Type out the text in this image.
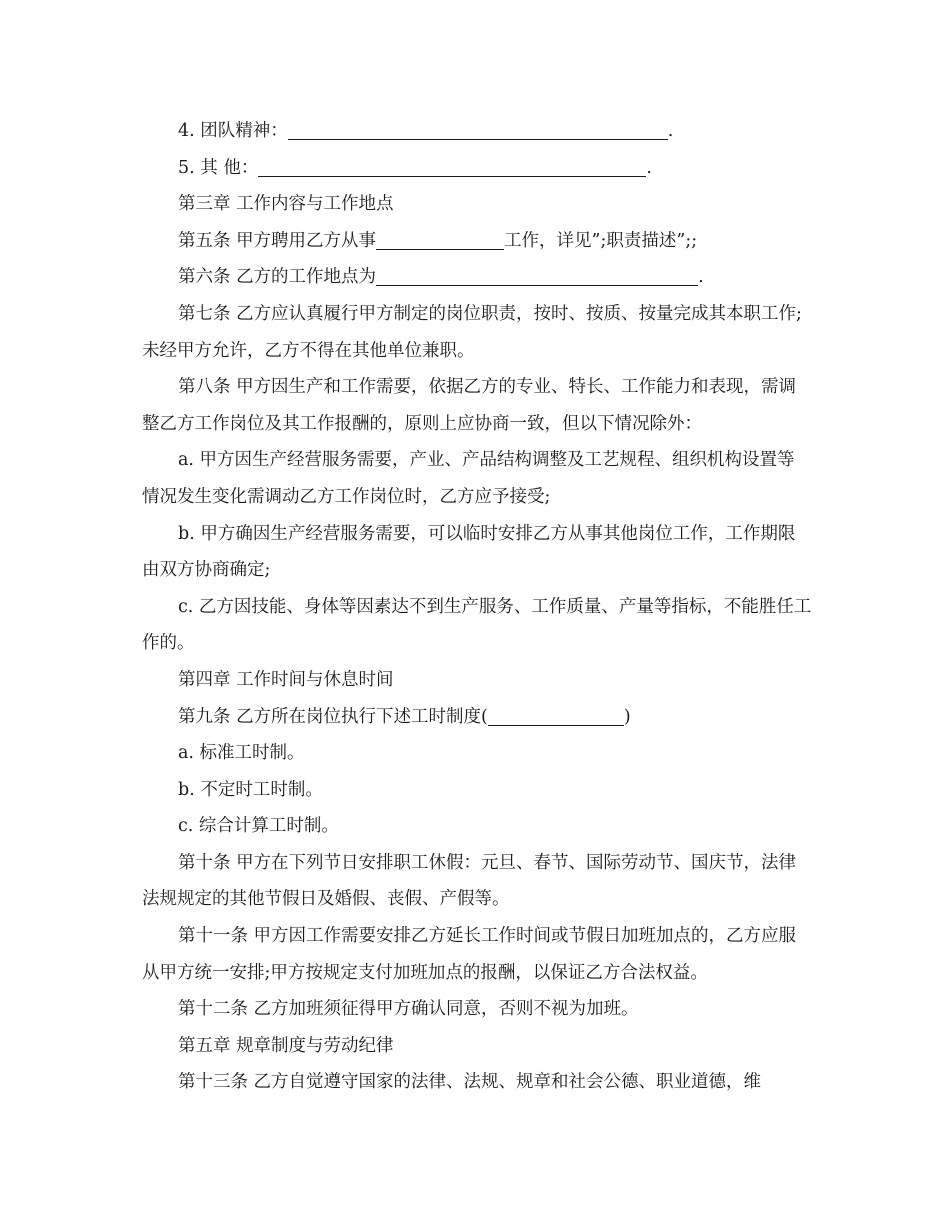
4. 团队精神：	.
5. 其 他：	.
第三章 工作内容与工作地点
第五条 甲方聘用乙方从事	工作，详见”;职责描述”;;
第六条 乙方的工作地点为	.
第七条 乙方应认真履行甲方制定的岗位职责，按时、按质、按量完成其本职工作;未经甲方允许，乙方不得在其他单位兼职。
第八条 甲方因生产和工作需要，依据乙方的专业、特长、工作能力和表现，需调整乙方工作岗位及其工作报酬的，原则上应协商一致，但以下情况除外：
a. 甲方因生产经营服务需要，产业、产品结构调整及工艺规程、组织机构设置等情况发生变化需调动乙方工作岗位时，乙方应予接受;
b. 甲方确因生产经营服务需要，可以临时安排乙方从事其他岗位工作，工作期限由双方协商确定;
c. 乙方因技能、身体等因素达不到生产服务、工作质量、产量等指标，不能胜任工作的。
第四章 工作时间与休息时间
第九条 乙方所在岗位执行下述工时制度(	)
a. 标准工时制。
b. 不定时工时制。
c. 综合计算工时制。
第十条 甲方在下列节日安排职工休假：元旦、春节、国际劳动节、国庆节，法律法规规定的其他节假日及婚假、丧假、产假等。
第十一条 甲方因工作需要安排乙方延长工作时间或节假日加班加点的，乙方应服从甲方统一安排;甲方按规定支付加班加点的报酬，以保证乙方合法权益。
第十二条 乙方加班须征得甲方确认同意，否则不视为加班。
第五章 规章制度与劳动纪律
第十三条 乙方自觉遵守国家的法律、法规、规章和社会公德、职业道德，维
